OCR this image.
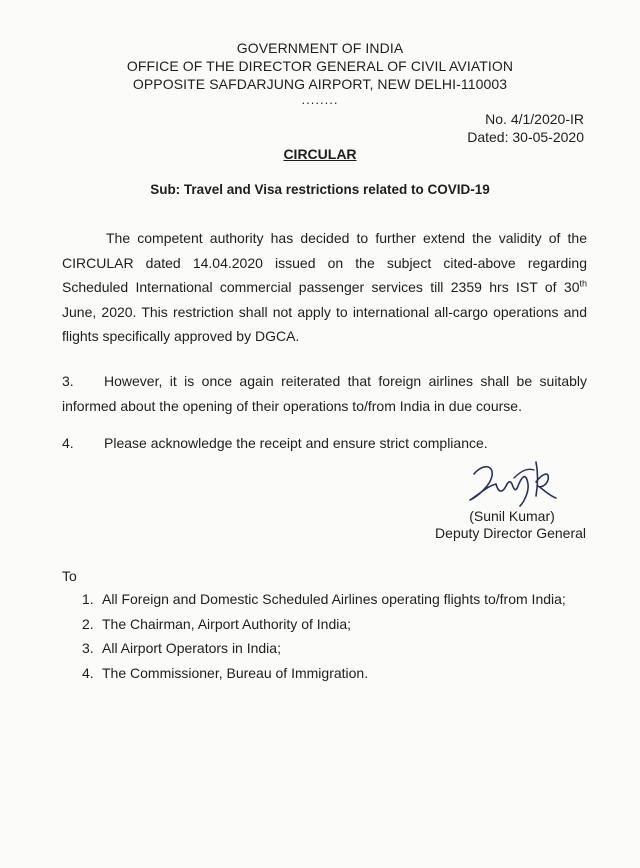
GOVERNMENT OF INDIA
OFFICE OF THE DIRECTOR GENERAL OF CIVIL AVIATION
OPPOSITE SAFDARJUNG AIRPORT, NEW DELHI-110003
........
No. 4/1/2020-IR
Dated: 30-05-2020
CIRCULAR
Sub: Travel and Visa restrictions related to COVID-19
The competent authority has decided to further extend the validity of the CIRCULAR dated 14.04.2020 issued on the subject cited-above regarding Scheduled International commercial passenger services till 2359 hrs IST of 30th June, 2020. This restriction shall not apply to international all-cargo operations and flights specifically approved by DGCA.
3. However, it is once again reiterated that foreign airlines shall be suitably informed about the opening of their operations to/from India in due course.
4. Please acknowledge the receipt and ensure strict compliance.
(Sunil Kumar)
Deputy Director General
To
1. All Foreign and Domestic Scheduled Airlines operating flights to/from India;
2. The Chairman, Airport Authority of India;
3. All Airport Operators in India;
4. The Commissioner, Bureau of Immigration.
